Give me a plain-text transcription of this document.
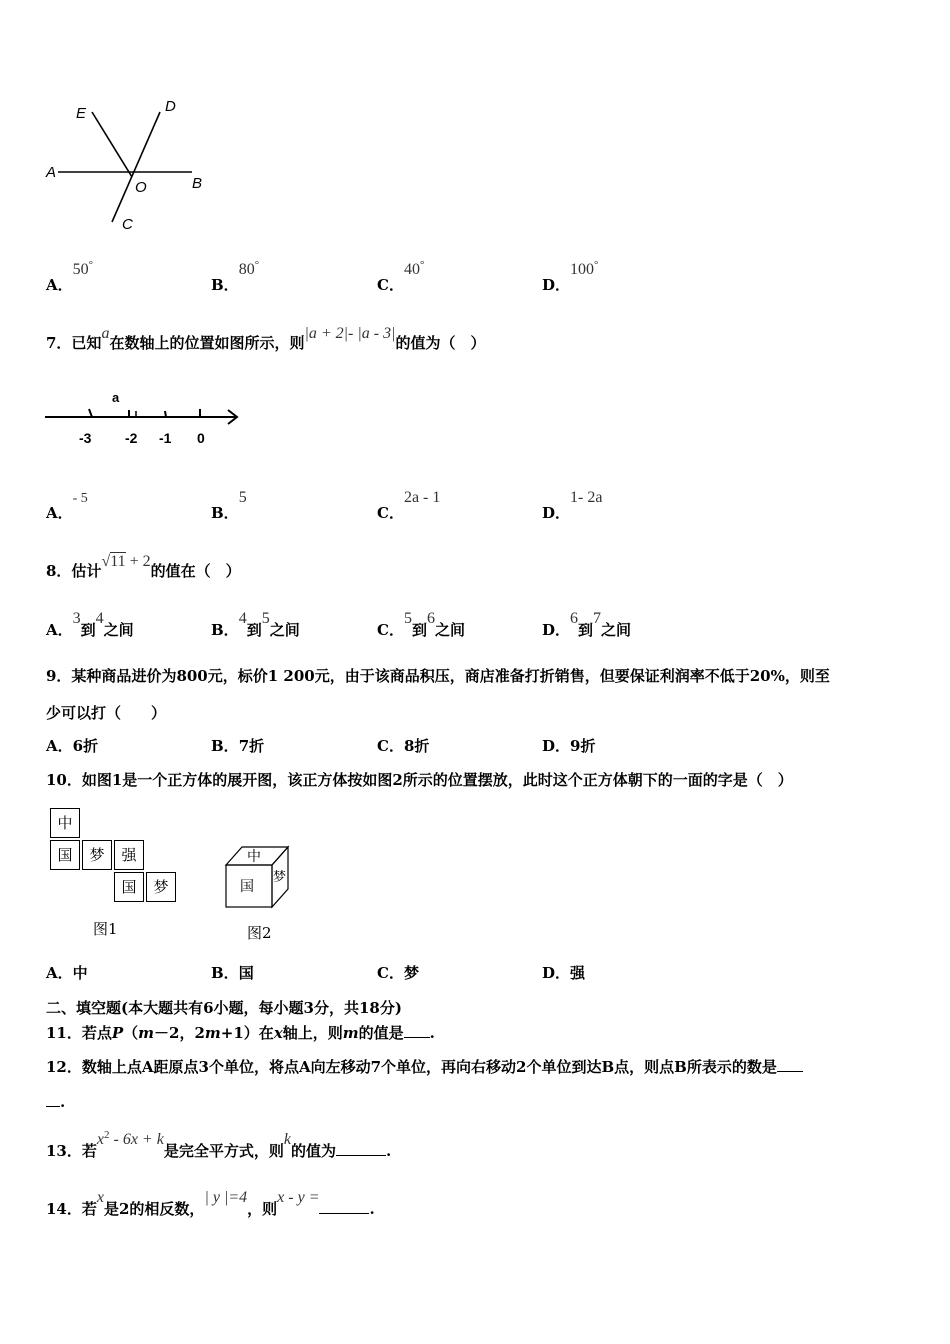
E	D
A
O	B
C
A．50°
B．80°
C．40°
D．100°
7．已知a在数轴上的位置如图所示，则|a + 2|- |a - 3|的值为（　）
a
-3 -2 -1 0
A．- 5
B．5
C．2a - 1
D．1- 2a
8．估计√11 + 2的值在（　）
A．3到4之间	B．4到5之间	C．5到6之间	D．6到7之间
9．某种商品进价为800元，标价1 200元，由于该商品积压，商店准备打折销售，但要保证利润率不低于20%，则至
少可以打（　　）
A．6折	B．7折	C．8折	D．9折
10．如图1是一个正方体的展开图，该正方体按如图2所示的位置摆放，此时这个正方体朝下的一面的字是（　）
中
国	梦	强
国	梦
图1
中
国
梦
图2
A．中	B．国	C．梦	D．强
二、填空题(本大题共有6小题，每小题3分，共18分)
11．若点P（m－2，2m+1）在x轴上，则m的值是 .
12．数轴上点A距原点3个单位，将点A向左移动7个单位，再向右移动2个单位到达B点，则点B所表示的数是
.
13．若$x^2 - 6x + k$是完全平方式，则k的值为	.
14．若x是2的相反数，| y |=4，则x - y =.
